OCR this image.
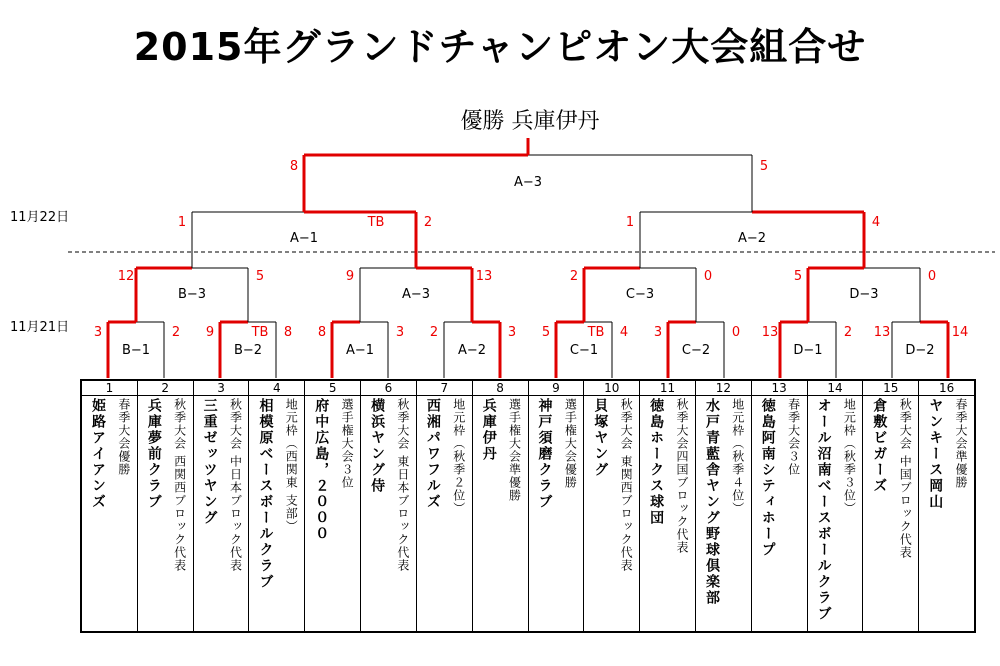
2015年グランドチャンピオン大会組合せ
優勝 兵庫伊丹
11月22日
11月21日
B−1
3	2
B−2
9	8
TB
A−1
8	3
A−2
2	3
C−1
5	4
TB
C−2
3	0
D−1
13	2
D−2
13	14
B−3
12	5
A−3
9	13
C−3
2	0
D−3
5	0
A−1
1	2
TB
A−2
1	4
A−3
8	5
1
姫路アイアンズ 春季大会優勝
2
兵庫夢前クラブ 秋季大会 西関西ブロック代表
3
三重ゼッツヤング 秋季大会 中日本ブロック代表
4
相模原ベースボールクラブ 地元枠（西関東 支部）
5
府中広島，２０００ 選手権大会３位
6
横浜ヤング侍 秋季大会 東日本ブロック代表
7
西湘パワフルズ 地元枠（秋季２位）
8
兵庫伊丹 選手権大会準優勝
9
神戸須磨クラブ 選手権大会優勝
10
貝塚ヤング 秋季大会 東関西ブロック代表
11
徳島ホークス球団 秋季大会四国ブロック代表
12
水戸青藍舎ヤング野球倶楽部 地元枠（秋季４位）
13
徳島阿南シティホープ 春季大会３位
14
オール沼南ベースボールクラブ 地元枠（秋季３位）
15
倉敷ビガーズ 秋季大会 中国ブロック代表
16
ヤンキース岡山 春季大会準優勝
